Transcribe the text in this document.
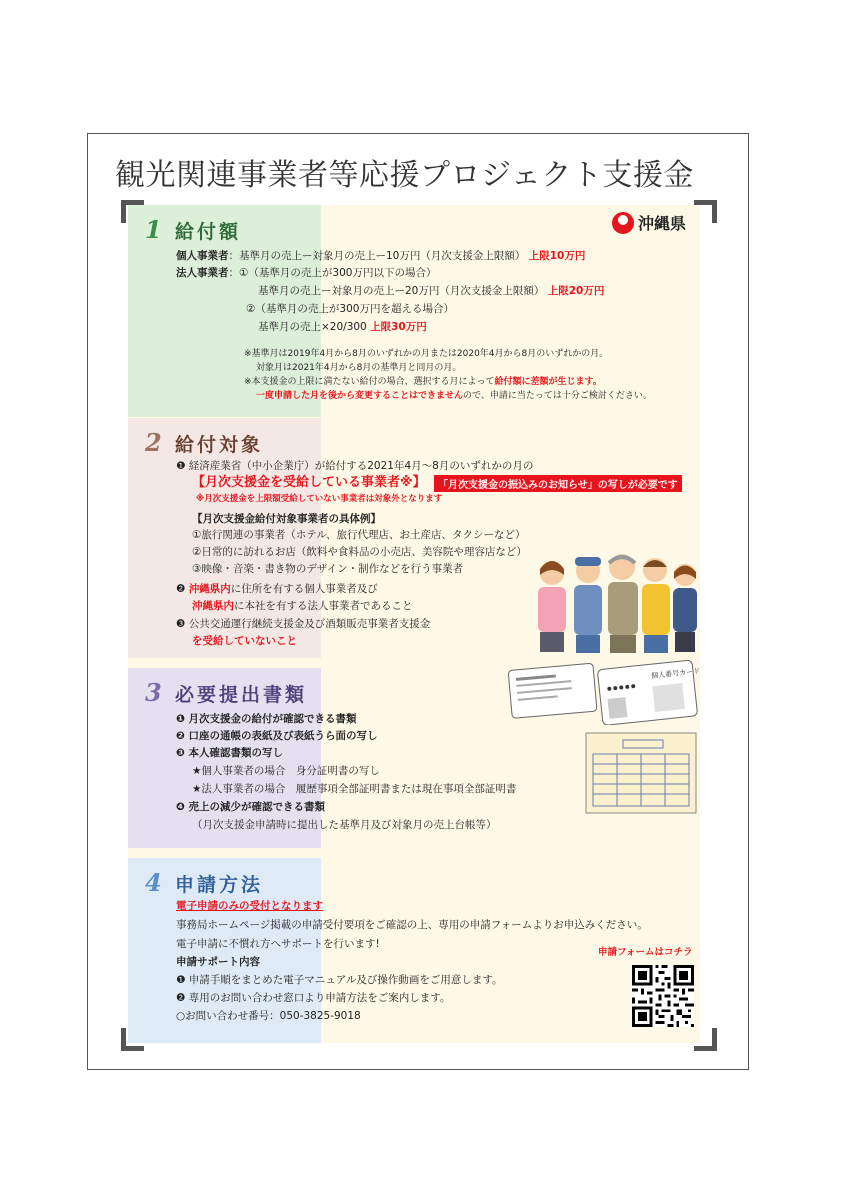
観光関連事業者等応援プロジェクト支援金
沖縄県
1 給付額
個人事業者：基準月の売上ー対象月の売上ー10万円（月次支援金上限額） 上限10万円
法人事業者：①（基準月の売上が300万円以下の場合）
基準月の売上ー対象月の売上ー20万円（月次支援金上限額） 上限20万円
②（基準月の売上が300万円を超える場合）
基準月の売上×20/300 上限30万円
※基準月は2019年4月から8月のいずれかの月または2020年4月から8月のいずれかの月。
対象月は2021年4月から8月の基準月と同月の月。
※本支援金の上限に満たない給付の場合、選択する月によって給付額に差額が生じます。
一度申請した月を後から変更することはできませんので、申請に当たっては十分ご検討ください。
2 給付対象
❶ 経済産業省（中小企業庁）が給付する2021年4月～8月のいずれかの月の
【月次支援金を受給している事業者※】	「月次支援金の振込みのお知らせ」の写しが必要です
※月次支援金を上限額受給していない事業者は対象外となります
【月次支援金給付対象事業者の具体例】
①旅行関連の事業者（ホテル、旅行代理店、お土産店、タクシーなど）
②日常的に訪れるお店（飲料や食料品の小売店、美容院や理容店など）
③映像・音楽・書き物のデザイン・制作などを行う事業者
❷ 沖縄県内に住所を有する個人事業者及び
沖縄県内に本社を有する法人事業者であること
❸ 公共交通運行継続支援金及び酒類販売事業者支援金
を受給していないこと
3 必要提出書類
❶ 月次支援金の給付が確認できる書類
❷ 口座の通帳の表紙及び表紙うら面の写し
❸ 本人確認書類の写し
★個人事業者の場合　身分証明書の写し
★法人事業者の場合　履歴事項全部証明書または現在事項全部証明書
❹ 売上の減少が確認できる書類
（月次支援金申請時に提出した基準月及び対象月の売上台帳等）
個人番号カード
4 申請方法
電子申請のみの受付となります
事務局ホームページ掲載の申請受付要項をご確認の上、専用の申請フォームよりお申込みください。
電子申請に不慣れ方へサポートを行います!
申請サポート内容
❶ 申請手順をまとめた電子マニュアル及び操作動画をご用意します。
❷ 専用のお問い合わせ窓口より申請方法をご案内します。
○お問い合わせ番号：050-3825-9018
申請フォームはコチラ
